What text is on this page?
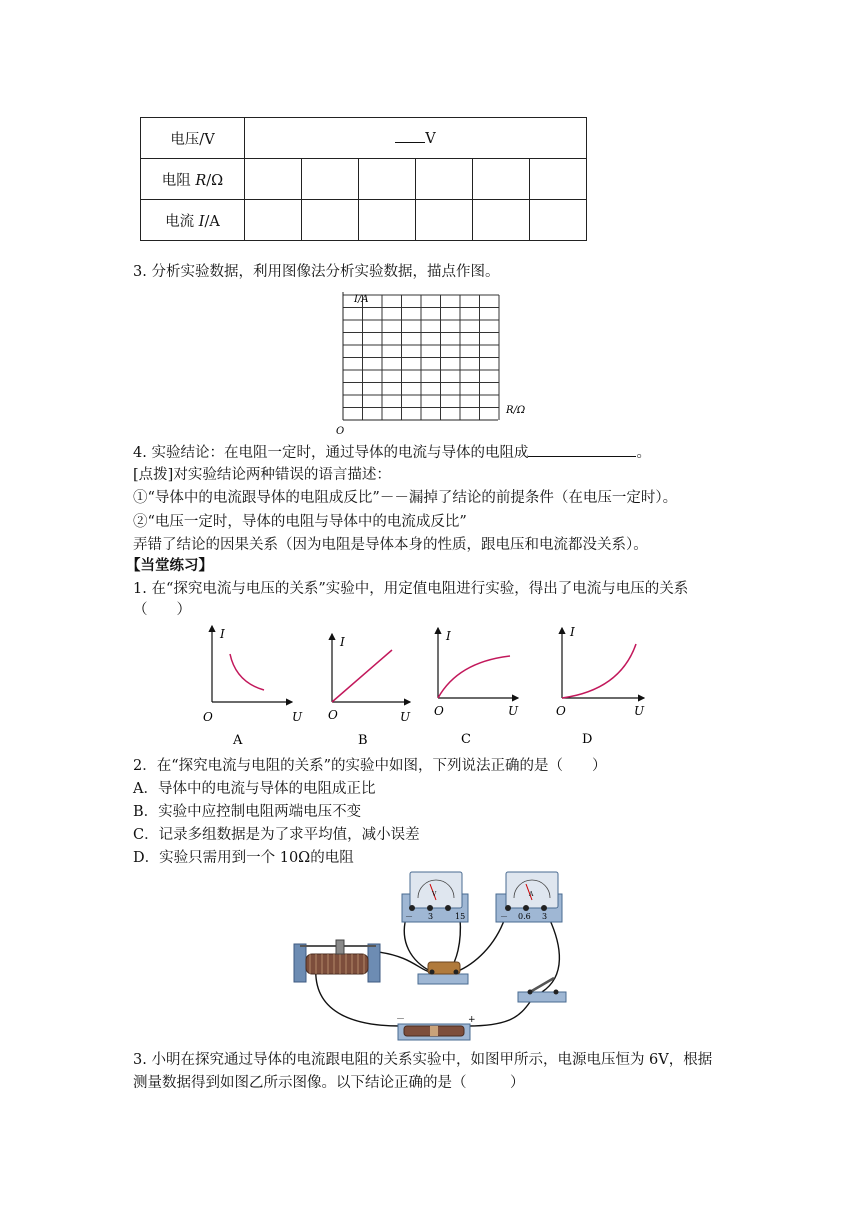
电压/V	V					
电阻 R/Ω						
电流 I/A						
3. 分析实验数据，利用图像法分析实验数据，描点作图。
I/A
R/Ω
O
4. 实验结论：在电阻一定时，通过导体的电流与导体的电阻成	。
[点拨]对实验结论两种错误的语言描述：
①“导体中的电流跟导体的电阻成反比”－－漏掉了结论的前提条件（在电压一定时）。
②“电压一定时，导体的电阻与导体中的电流成反比”
弄错了结论的因果关系（因为电阻是导体本身的性质，跟电压和电流都没关系）。
【当堂练习】
1. 在“探究电流与电压的关系”实验中，用定值电阻进行实验，得出了电流与电压的关系
（　　）
I
O	U
A
I
O	U
B
I
O	U
C
I
O	U
D
2．在“探究电流与电阻的关系”的实验中如图，下列说法正确的是（　　）
A．导体中的电流与导体的电阻成正比
B．实验中应控制电阻两端电压不变
C．记录多组数据是为了求平均值，减小误差
D．实验只需用到一个 10Ω的电阻
V
－ 3	15
A
－ 0.6 3
－	+
3. 小明在探究通过导体的电流跟电阻的关系实验中，如图甲所示，电源电压恒为 6V，根据
测量数据得到如图乙所示图像。以下结论正确的是（　　　）
